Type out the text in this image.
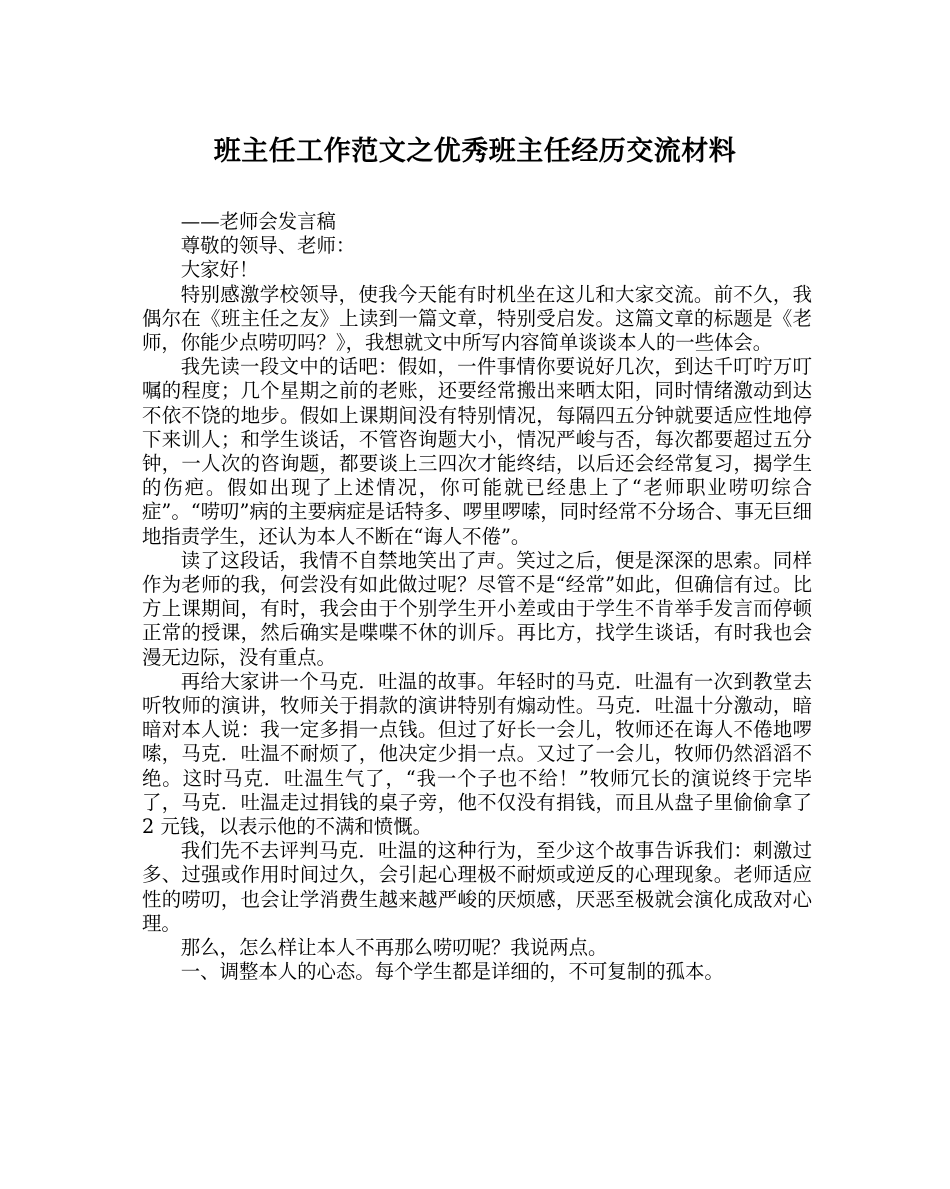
班主任工作范文之优秀班主任经历交流材料

——老师会发言稿

尊敬的领导、老师：

大家好！

特别感激学校领导，使我今天能有时机坐在这儿和大家交流。前不久，我偶尔在《班主任之友》上读到一篇文章，特别受启发。这篇文章的标题是《老师，你能少点唠叨吗？》，我想就文中所写内容简单谈谈本人的一些体会。

我先读一段文中的话吧：假如，一件事情你要说好几次，到达千叮咛万叮嘱的程度；几个星期之前的老账，还要经常搬出来晒太阳，同时情绪激动到达不依不饶的地步。假如上课期间没有特别情况，每隔四五分钟就要适应性地停下来训人；和学生谈话，不管咨询题大小，情况严峻与否，每次都要超过五分钟，一人次的咨询题，都要谈上三四次才能终结，以后还会经常复习，揭学生的伤疤。假如出现了上述情况，你可能就已经患上了“老师职业唠叨综合症”。“唠叨”病的主要病症是话特多、啰里啰嗦，同时经常不分场合、事无巨细地指责学生，还认为本人不断在“诲人不倦”。

读了这段话，我情不自禁地笑出了声。笑过之后，便是深深的思索。同样作为老师的我，何尝没有如此做过呢？尽管不是“经常”如此，但确信有过。比方上课期间，有时，我会由于个别学生开小差或由于学生不肯举手发言而停顿正常的授课，然后确实是喋喋不休的训斥。再比方，找学生谈话，有时我也会漫无边际，没有重点。

再给大家讲一个马克．吐温的故事。年轻时的马克．吐温有一次到教堂去听牧师的演讲，牧师关于捐款的演讲特别有煽动性。马克．吐温十分激动，暗暗对本人说：我一定多捐一点钱。但过了好长一会儿，牧师还在诲人不倦地啰嗦，马克．吐温不耐烦了，他决定少捐一点。又过了一会儿，牧师仍然滔滔不绝。这时马克．吐温生气了，“我一个子也不给！”牧师冗长的演说终于完毕了，马克．吐温走过捐钱的桌子旁，他不仅没有捐钱，而且从盘子里偷偷拿了 2 元钱，以表示他的不满和愤慨。

我们先不去评判马克．吐温的这种行为，至少这个故事告诉我们：刺激过多、过强或作用时间过久，会引起心理极不耐烦或逆反的心理现象。老师适应性的唠叨，也会让学消费生越来越严峻的厌烦感，厌恶至极就会演化成敌对心理。

那么，怎么样让本人不再那么唠叨呢？我说两点。

一、调整本人的心态。每个学生都是详细的，不可复制的孤本。
